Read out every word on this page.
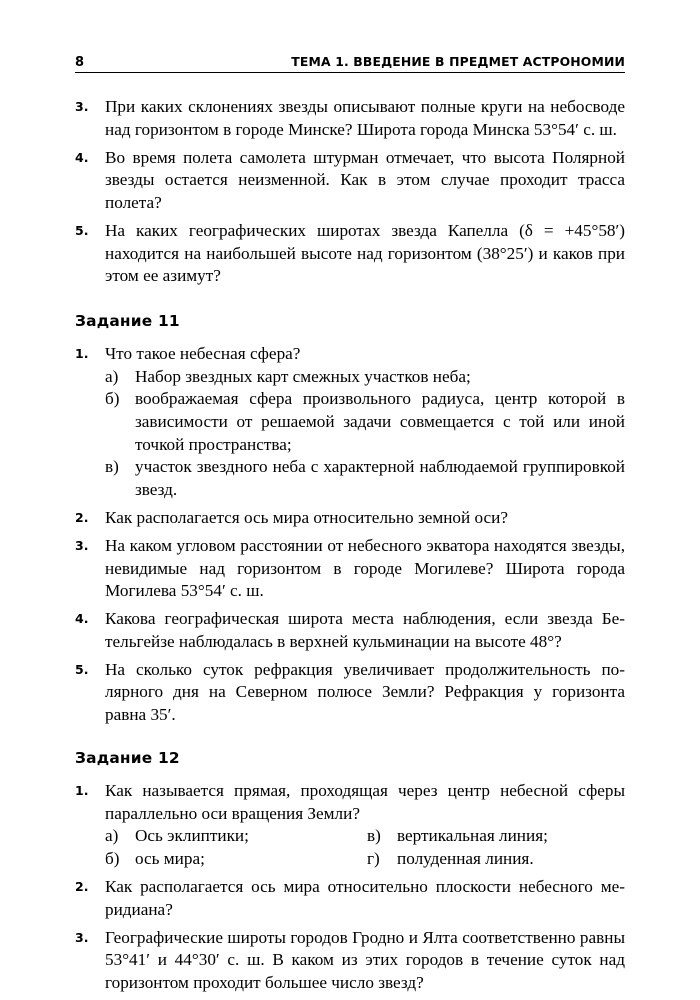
8	ТЕМА 1. ВВЕДЕНИЕ В ПРЕДМЕТ АСТРОНОМИИ
3. При каких склонениях звезды описывают полные круги на небосводе над горизонтом в городе Минске? Широта города Минска 53°54′ с. ш.
4. Во время полета самолета штурман отмечает, что высота Полярной звезды остается неизменной. Как в этом случае проходит трасса полета?
5. На каких географических широтах звезда Капелла (δ = +45°58′) находится на наибольшей высоте над горизонтом (38°25′) и каков при этом ее азимут?
Задание 11
1. Что такое небесная сфера?
а) Набор звездных карт смежных участков неба;
б) воображаемая сфера произвольного радиуса, центр которой в зависимости от решаемой задачи совмещается с той или иной точкой пространства;
в) участок звездного неба с характерной наблюдаемой группировкой звезд.
2. Как располагается ось мира относительно земной оси?
3. На каком угловом расстоянии от небесного экватора находятся звезды, невидимые над горизонтом в городе Могилеве? Широта города Могилева 53°54′ с. ш.
4. Какова географическая широта места наблюдения, если звезда Бетельгейзе наблюдалась в верхней кульминации на высоте 48°?
5. На сколько суток рефракция увеличивает продолжительность полярного дня на Северном полюсе Земли? Рефракция у горизонта равна 35′.
Задание 12
1. Как называется прямая, проходящая через центр небесной сферы параллельно оси вращения Земли?
а) Ось эклиптики;	в) вертикальная линия;
б) ось мира;	г)	полуденная линия.
2. Как располагается ось мира относительно плоскости небесного меридиана?
3. Географические широты городов Гродно и Ялта соответственно равны 53°41′ и 44°30′ с. ш. В каком из этих городов в течение суток над горизонтом проходит большее число звезд?
